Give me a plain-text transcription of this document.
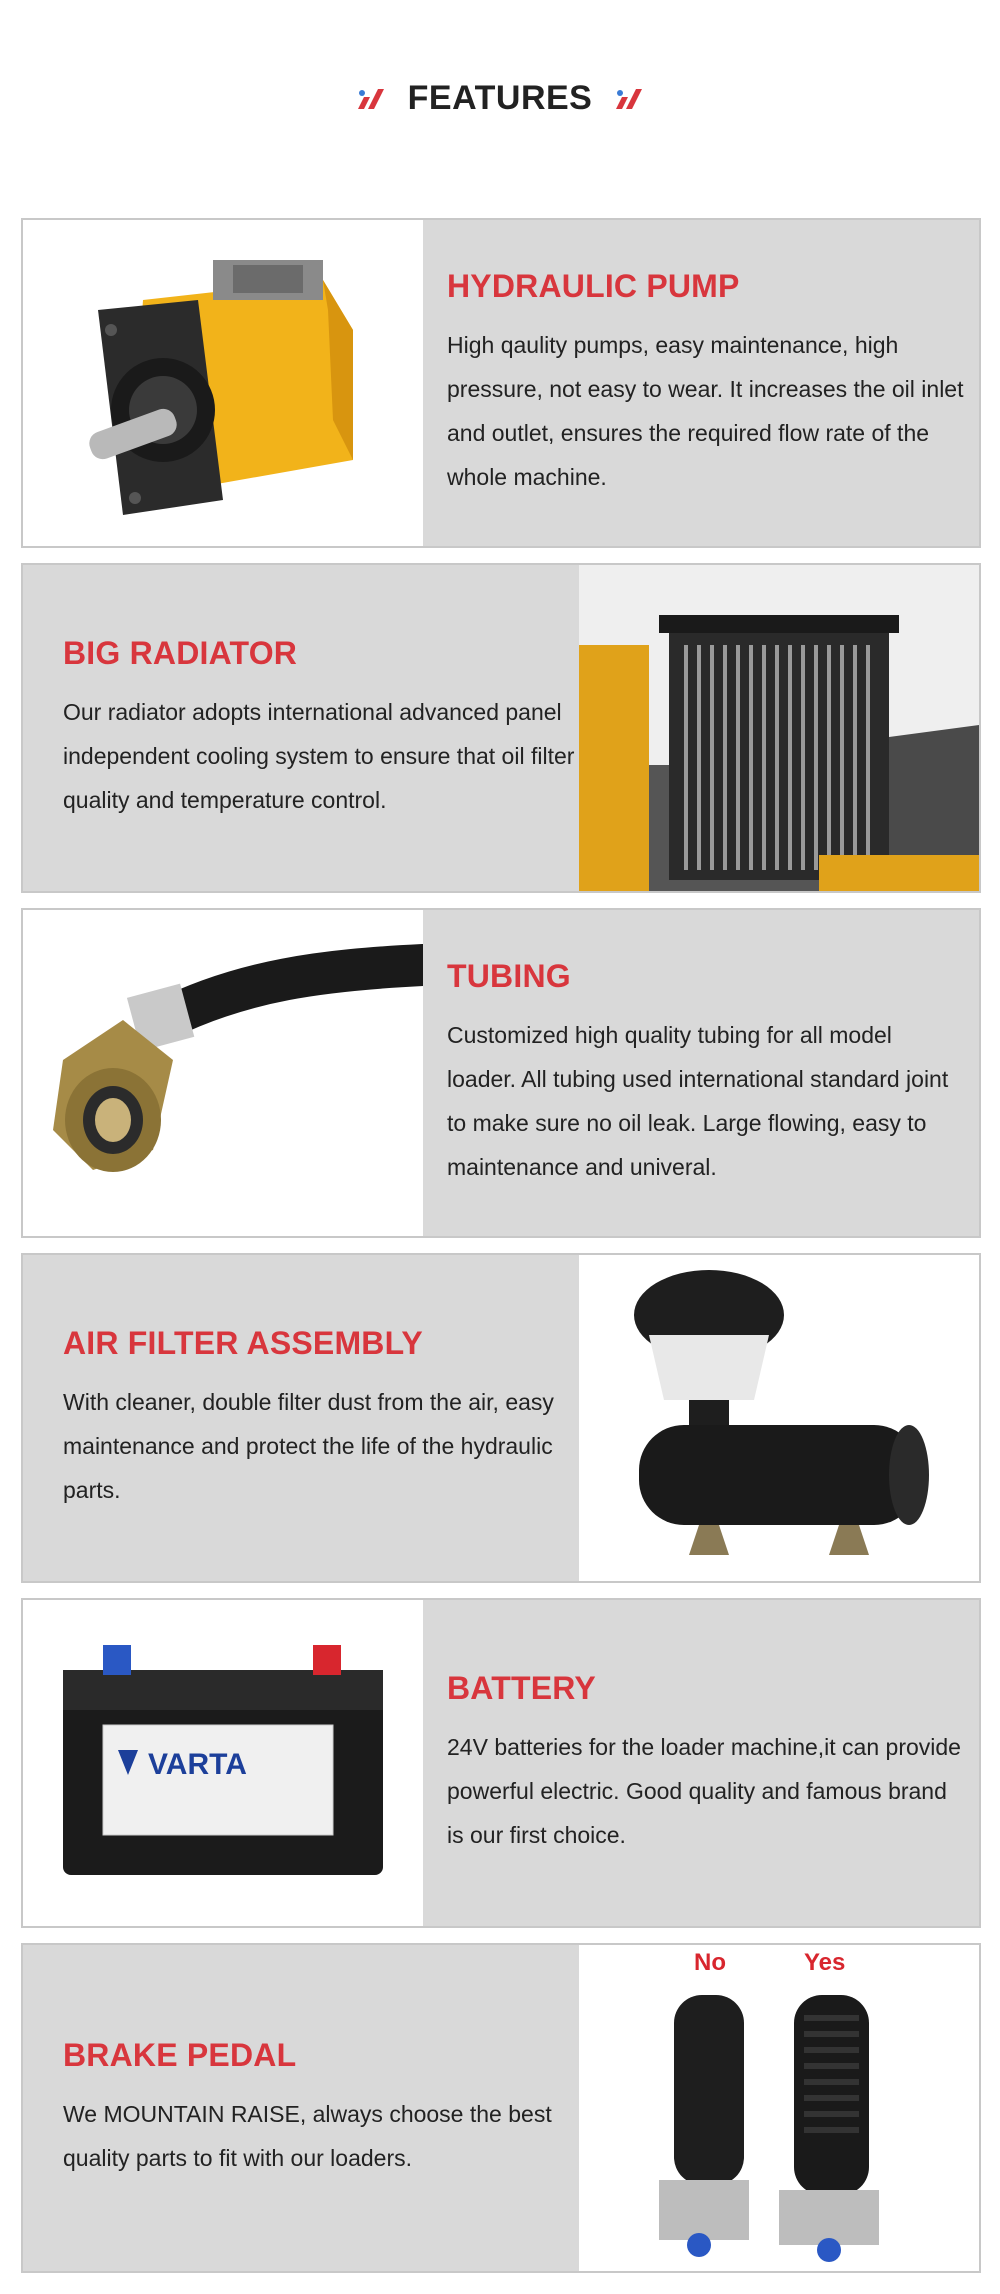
FEATURES
HYDRAULIC PUMP

High qaulity pumps, easy maintenance, high pressure, not easy to wear. It increases the oil inlet and outlet, ensures the required flow rate of the whole machine.

BIG RADIATOR

Our radiator adopts international advanced panel independent cooling system to ensure that oil filter quality and temperature control.

TUBING

Customized high quality tubing for all model loader. All tubing used international standard joint to make sure no oil leak. Large flowing, easy to maintenance and univeral.

AIR FILTER ASSEMBLY

With cleaner, double filter dust from the air, easy maintenance and protect the life of the hydraulic parts.

VARTA
BATTERY

24V batteries for the loader machine,it can provide powerful electric. Good quality and famous brand is our first choice.

BRAKE PEDAL

We MOUNTAIN RAISE, always choose the best quality parts to fit with our loaders.

No	Yes
